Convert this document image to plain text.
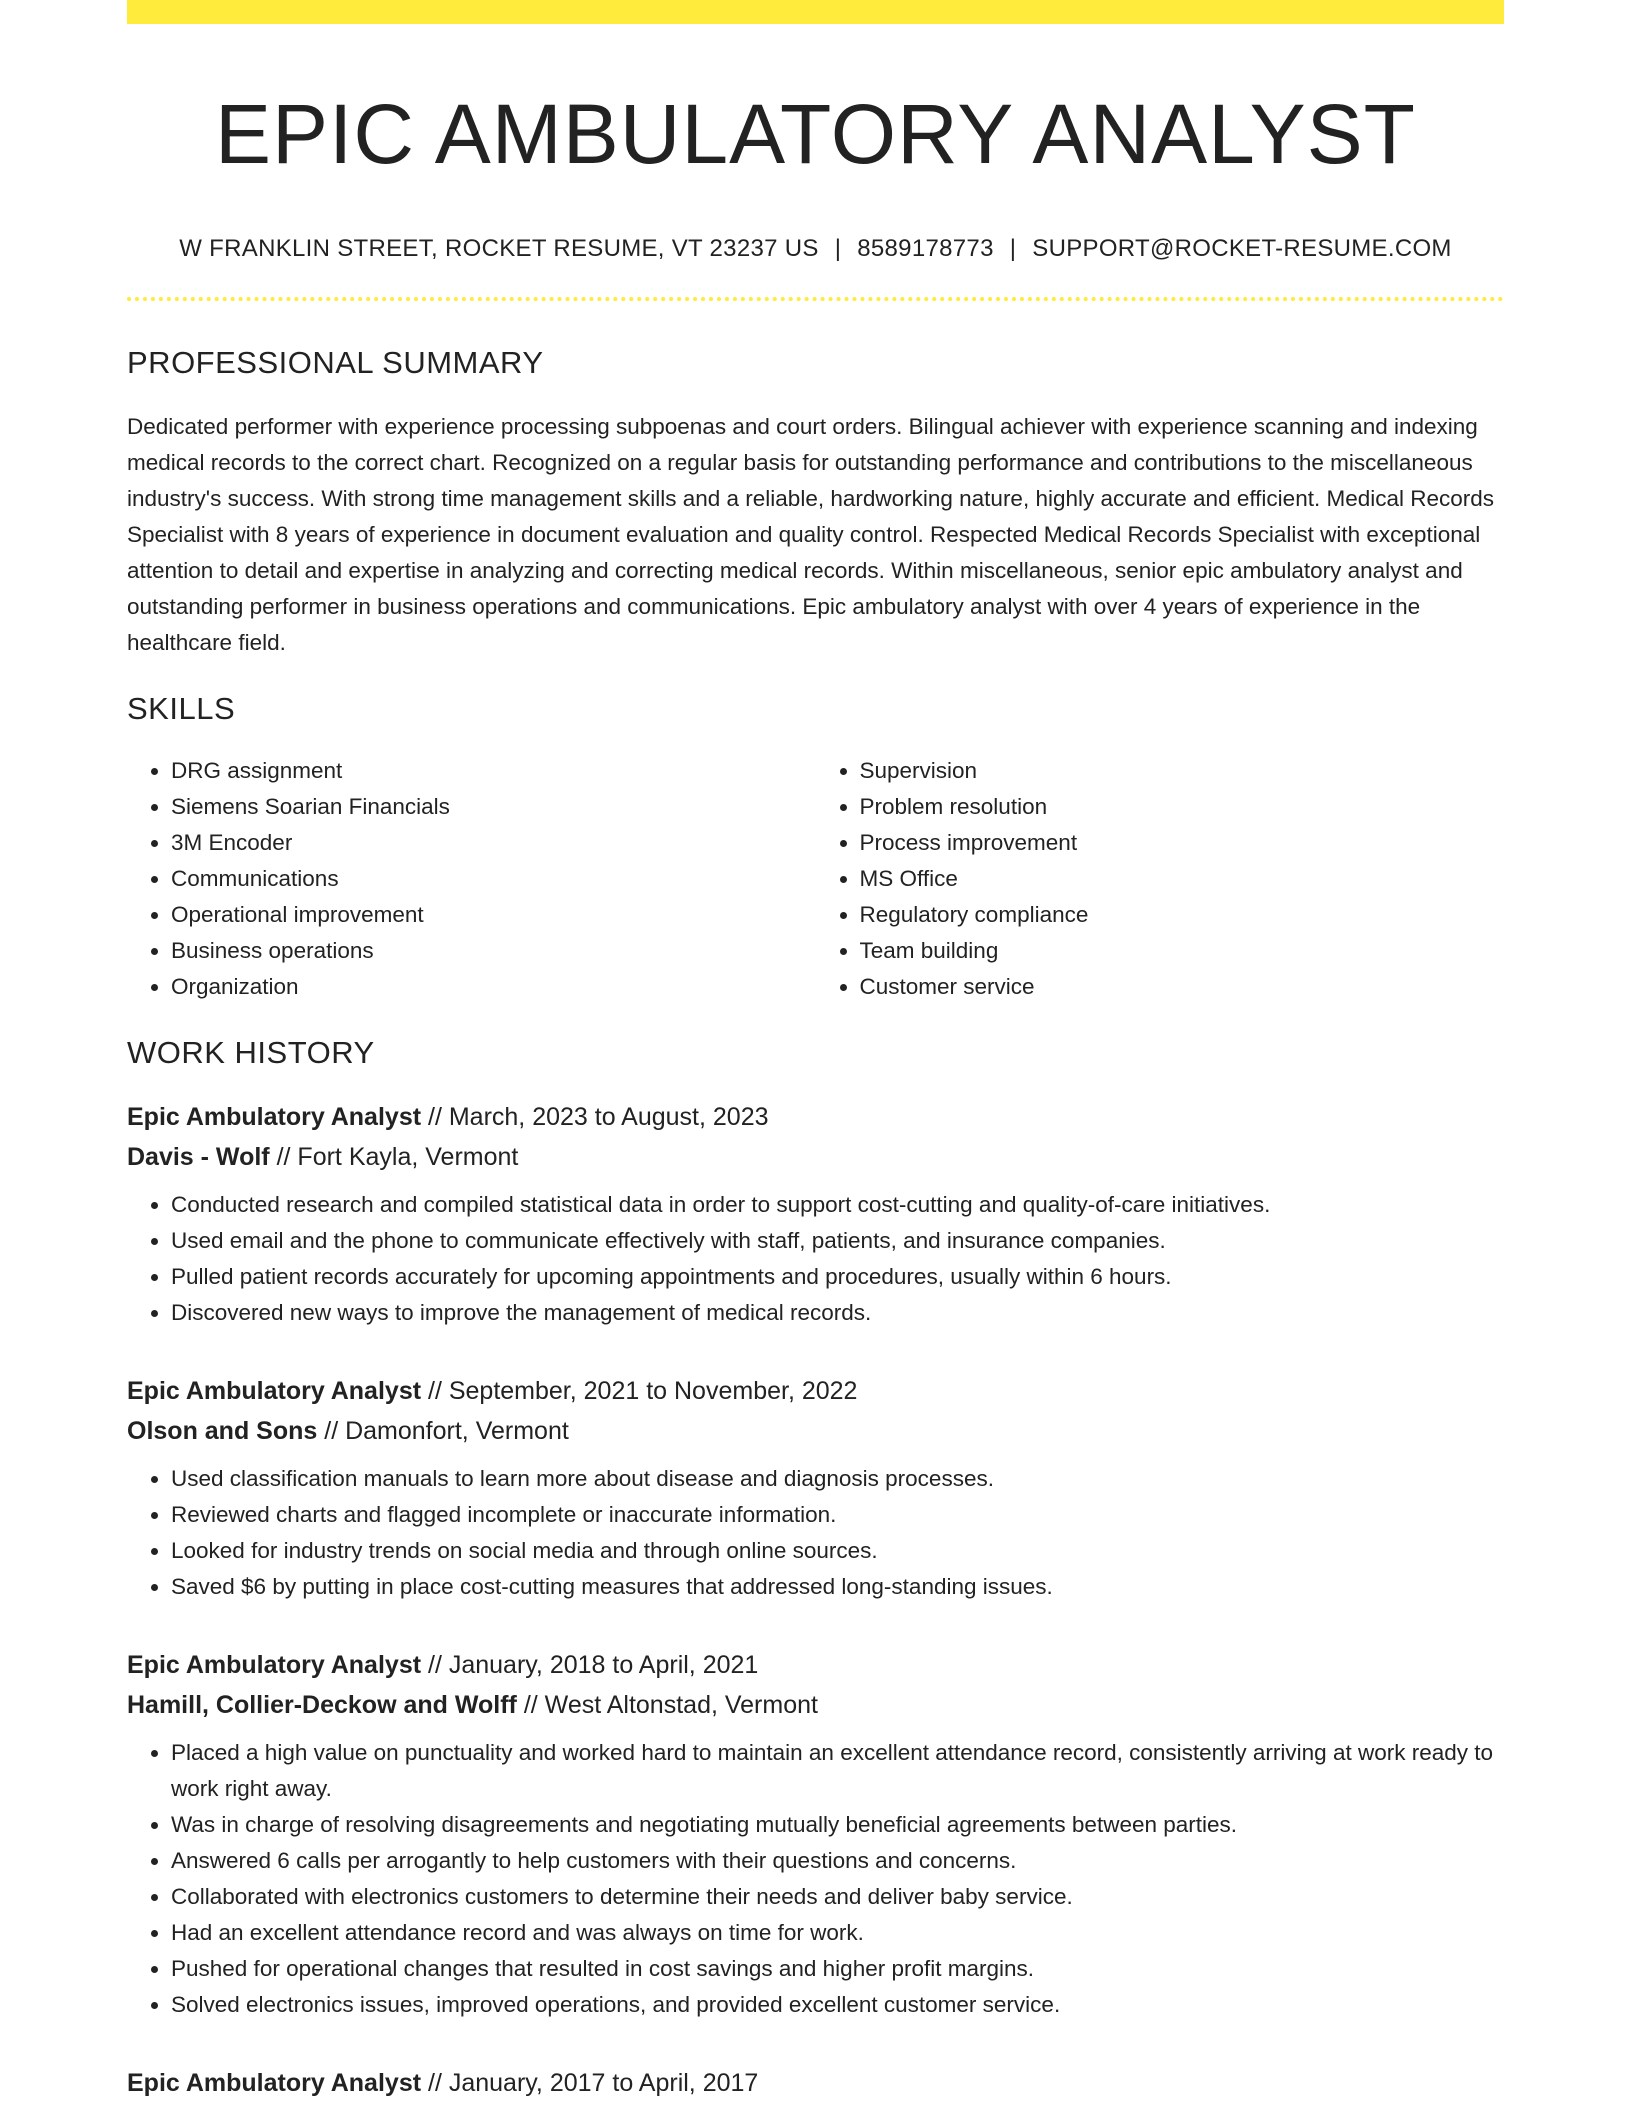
EPIC AMBULATORY ANALYST
W FRANKLIN STREET, ROCKET RESUME, VT 23237 US | 8589178773 | SUPPORT@ROCKET-RESUME.COM
PROFESSIONAL SUMMARY
Dedicated performer with experience processing subpoenas and court orders. Bilingual achiever with experience scanning and indexing medical records to the correct chart. Recognized on a regular basis for outstanding performance and contributions to the miscellaneous industry's success. With strong time management skills and a reliable, hardworking nature, highly accurate and efficient. Medical Records Specialist with 8 years of experience in document evaluation and quality control. Respected Medical Records Specialist with exceptional attention to detail and expertise in analyzing and correcting medical records. Within miscellaneous, senior epic ambulatory analyst and outstanding performer in business operations and communications. Epic ambulatory analyst with over 4 years of experience in the healthcare field.
SKILLS
• DRG assignment
• Siemens Soarian Financials
• 3M Encoder
• Communications
• Operational improvement
• Business operations
• Organization
• Supervision
• Problem resolution
• Process improvement
• MS Office
• Regulatory compliance
• Team building
• Customer service
WORK HISTORY
Epic Ambulatory Analyst // March, 2023 to August, 2023
Davis - Wolf // Fort Kayla, Vermont
• Conducted research and compiled statistical data in order to support cost-cutting and quality-of-care initiatives.
• Used email and the phone to communicate effectively with staff, patients, and insurance companies.
• Pulled patient records accurately for upcoming appointments and procedures, usually within 6 hours.
• Discovered new ways to improve the management of medical records.
Epic Ambulatory Analyst // September, 2021 to November, 2022
Olson and Sons // Damonfort, Vermont
• Used classification manuals to learn more about disease and diagnosis processes.
• Reviewed charts and flagged incomplete or inaccurate information.
• Looked for industry trends on social media and through online sources.
• Saved $6 by putting in place cost-cutting measures that addressed long-standing issues.
Epic Ambulatory Analyst // January, 2018 to April, 2021
Hamill, Collier-Deckow and Wolff // West Altonstad, Vermont
• Placed a high value on punctuality and worked hard to maintain an excellent attendance record, consistently arriving at work ready to work right away.
• Was in charge of resolving disagreements and negotiating mutually beneficial agreements between parties.
• Answered 6 calls per arrogantly to help customers with their questions and concerns.
• Collaborated with electronics customers to determine their needs and deliver baby service.
• Had an excellent attendance record and was always on time for work.
• Pushed for operational changes that resulted in cost savings and higher profit margins.
• Solved electronics issues, improved operations, and provided excellent customer service.
Epic Ambulatory Analyst // January, 2017 to April, 2017
